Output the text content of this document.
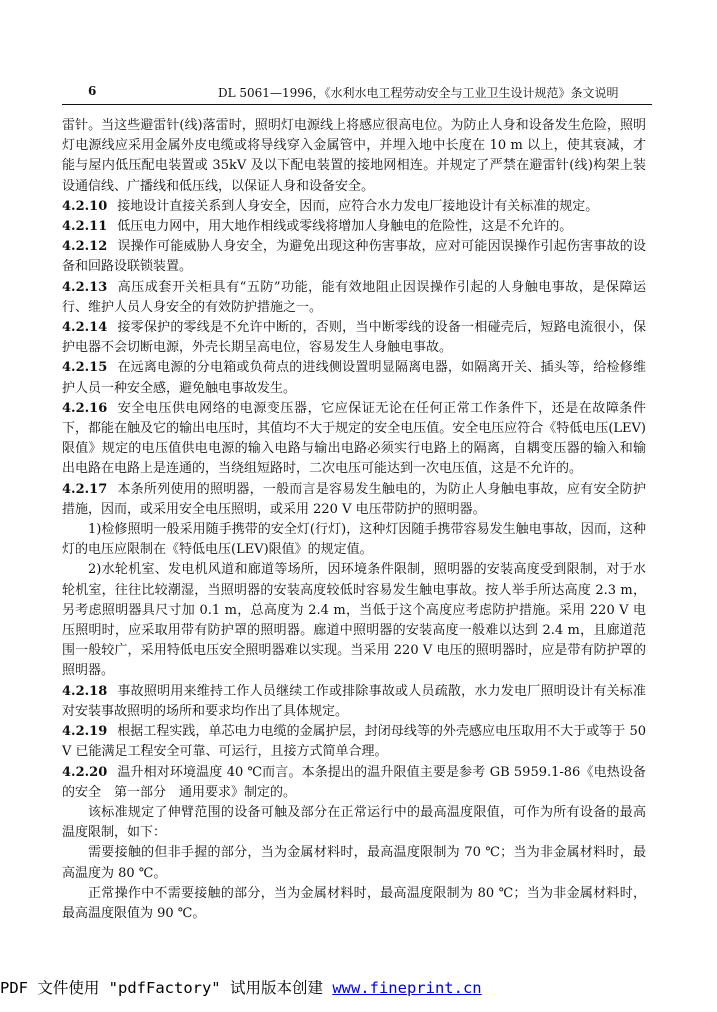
6	DL 5061—1996，《水利水电工程劳动安全与工业卫生设计规范》条文说明

雷针。当这些避雷针(线)落雷时，照明灯电源线上将感应很高电位。为防止人身和设备发生危险，照明灯电源线应采用金属外皮电缆或将导线穿入金属管中，并埋入地中长度在 10 m 以上，使其衰减，才能与屋内低压配电装置或 35kV 及以下配电装置的接地网相连。并规定了严禁在避雷针(线)构架上装设通信线、广播线和低压线，以保证人身和设备安全。

4.2.10 接地设计直接关系到人身安全，因而，应符合水力发电厂接地设计有关标准的规定。

4.2.11 低压电力网中，用大地作相线或零线将增加人身触电的危险性，这是不允许的。

4.2.12 误操作可能威胁人身安全，为避免出现这种伤害事故，应对可能因误操作引起伤害事故的设备和回路设联锁装置。

4.2.13 高压成套开关柜具有“五防”功能，能有效地阻止因误操作引起的人身触电事故，是保障运行、维护人员人身安全的有效防护措施之一。

4.2.14 接零保护的零线是不允许中断的，否则，当中断零线的设备一相碰壳后，短路电流很小，保护电器不会切断电源，外壳长期呈高电位，容易发生人身触电事故。

4.2.15 在远离电源的分电箱或负荷点的进线侧设置明显隔离电器，如隔离开关、插头等，给检修维护人员一种安全感，避免触电事故发生。

4.2.16 安全电压供电网络的电源变压器，它应保证无论在任何正常工作条件下，还是在故障条件下，都能在触及它的输出电压时，其值均不大于规定的安全电压值。安全电压应符合《特低电压(LEV)限值》规定的电压值供电电源的输入电路与输出电路必须实行电路上的隔离，自耦变压器的输入和输出电路在电路上是连通的，当绕组短路时，二次电压可能达到一次电压值，这是不允许的。

4.2.17 本条所列使用的照明器，一般而言是容易发生触电的，为防止人身触电事故，应有安全防护措施，因而，或采用安全电压照明，或采用 220 V 电压带防护的照明器。

1)检修照明一般采用随手携带的安全灯(行灯)，这种灯因随手携带容易发生触电事故，因而，这种灯的电压应限制在《特低电压(LEV)限值》的规定值。

2)水轮机室、发电机风道和廊道等场所，因环境条件限制，照明器的安装高度受到限制，对于水轮机室，往往比较潮湿，当照明器的安装高度较低时容易发生触电事故。按人举手所达高度 2.3 m，另考虑照明器具尺寸加 0.1 m，总高度为 2.4 m，当低于这个高度应考虑防护措施。采用 220 V 电压照明时，应采取用带有防护罩的照明器。廊道中照明器的安装高度一般难以达到 2.4 m，且廊道范围一般较广，采用特低电压安全照明器难以实现。当采用 220 V 电压的照明器时，应是带有防护罩的照明器。

4.2.18 事故照明用来维持工作人员继续工作或排除事故或人员疏散，水力发电厂照明设计有关标准对安装事故照明的场所和要求均作出了具体规定。

4.2.19 根据工程实践，单芯电力电缆的金属护层，封闭母线等的外壳感应电压取用不大于或等于 50 V 已能满足工程安全可靠、可运行，且接方式简单合理。

4.2.20 温升相对环境温度 40 ℃而言。本条提出的温升限值主要是参考 GB 5959.1-86《电热设备的安全　第一部分　通用要求》制定的。

该标准规定了伸臂范围的设备可触及部分在正常运行中的最高温度限值，可作为所有设备的最高温度限制，如下：

需要接触的但非手握的部分，当为金属材料时，最高温度限制为 70 ℃；当为非金属材料时，最高温度为 80 ℃。

正常操作中不需要接触的部分，当为金属材料时，最高温度限制为 80 ℃；当为非金属材料时，最高温度限值为 90 ℃。

PDF 文件使用 "pdfFactory" 试用版本创建 www.fineprint.cn
